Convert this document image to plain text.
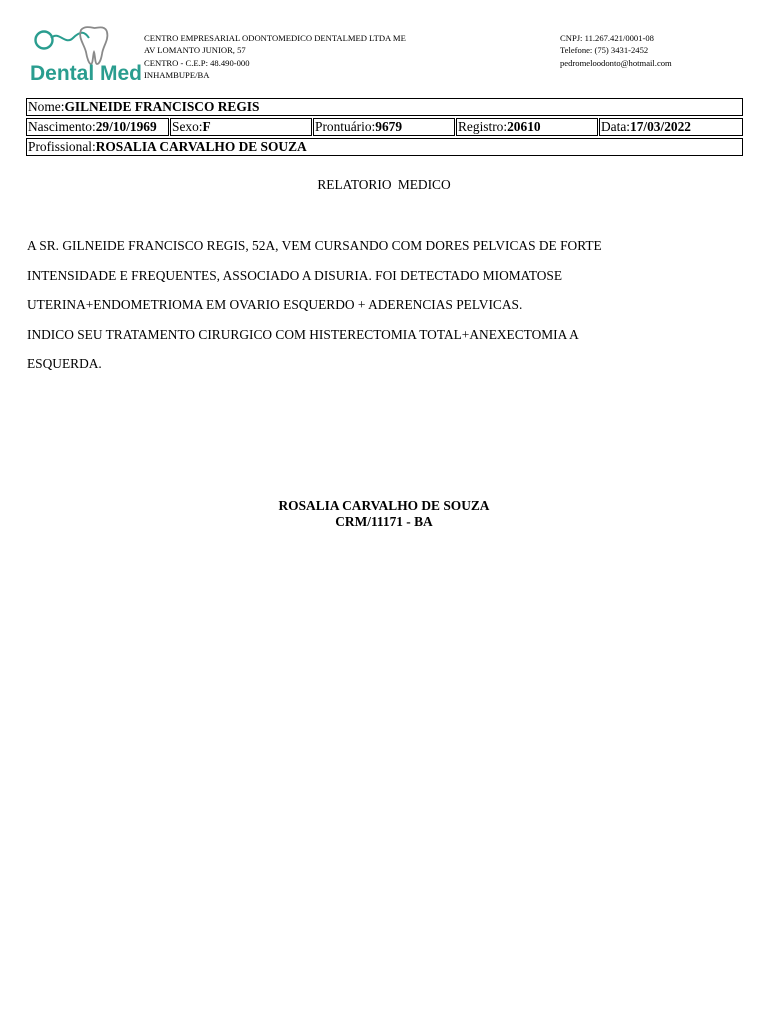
Dental Med
CENTRO EMPRESARIAL ODONTOMEDICO DENTALMED LTDA ME
AV LOMANTO JUNIOR, 57
CENTRO - C.E.P: 48.490-000
INHAMBUPE/BA
CNPJ: 11.267.421/0001-08
Telefone: (75) 3431-2452
pedromeloodonto@hotmail.com
Nome:GILNEIDE FRANCISCO REGIS
Nascimento:29/10/1969	Sexo:F	Prontuário:9679	Registro:20610	Data:17/03/2022
Profissional:ROSALIA CARVALHO DE SOUZA
RELATORIO MEDICO
A SR. GILNEIDE FRANCISCO REGIS, 52A, VEM CURSANDO COM DORES PELVICAS DE FORTE
INTENSIDADE E FREQUENTES, ASSOCIADO A DISURIA. FOI DETECTADO MIOMATOSE
UTERINA+ENDOMETRIOMA EM OVARIO ESQUERDO + ADERENCIAS PELVICAS.
INDICO SEU TRATAMENTO CIRURGICO COM HISTERECTOMIA TOTAL+ANEXECTOMIA A
ESQUERDA.
ROSALIA CARVALHO DE SOUZA
CRM/11171 - BA
